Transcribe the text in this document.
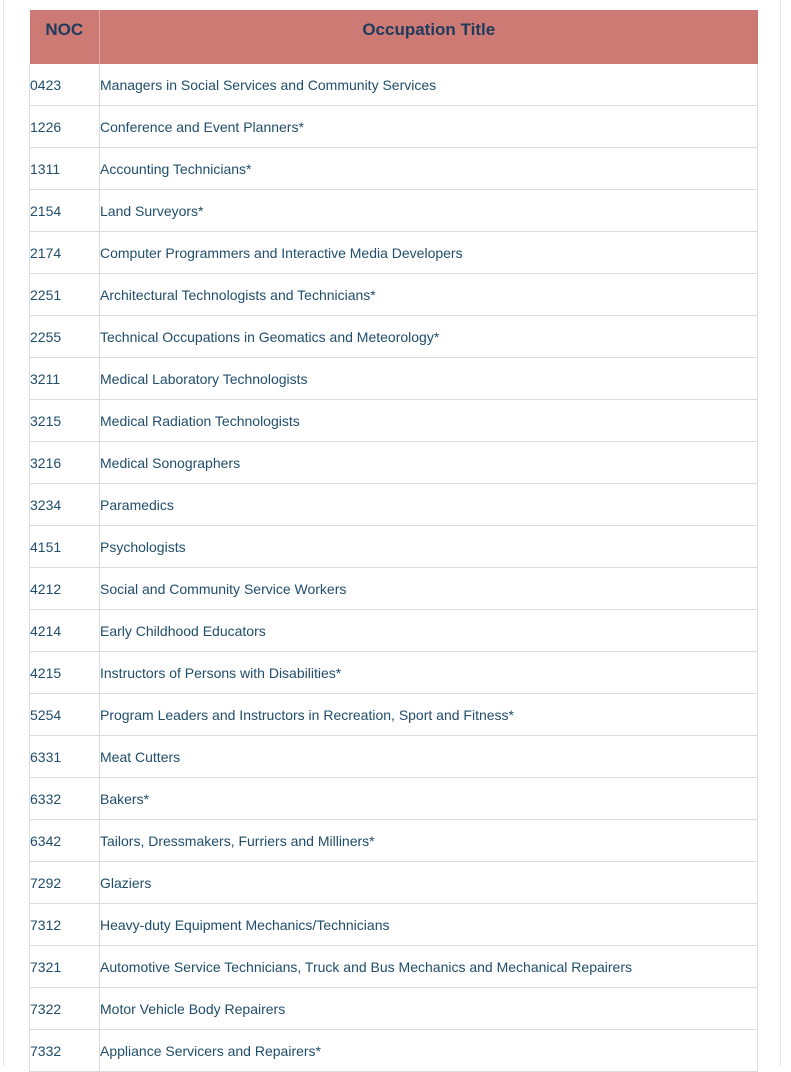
NOC	Occupation Title
0423	Managers in Social Services and Community Services
1226	Conference and Event Planners*
1311	Accounting Technicians*
2154	Land Surveyors*
2174	Computer Programmers and Interactive Media Developers
2251	Architectural Technologists and Technicians*
2255	Technical Occupations in Geomatics and Meteorology*
3211	Medical Laboratory Technologists
3215	Medical Radiation Technologists
3216	Medical Sonographers
3234	Paramedics
4151	Psychologists
4212	Social and Community Service Workers
4214	Early Childhood Educators
4215	Instructors of Persons with Disabilities*
5254	Program Leaders and Instructors in Recreation, Sport and Fitness*
6331	Meat Cutters
6332	Bakers*
6342	Tailors, Dressmakers, Furriers and Milliners*
7292	Glaziers
7312	Heavy-duty Equipment Mechanics/Technicians
7321	Automotive Service Technicians, Truck and Bus Mechanics and Mechanical Repairers
7322	Motor Vehicle Body Repairers
7332	Appliance Servicers and Repairers*
